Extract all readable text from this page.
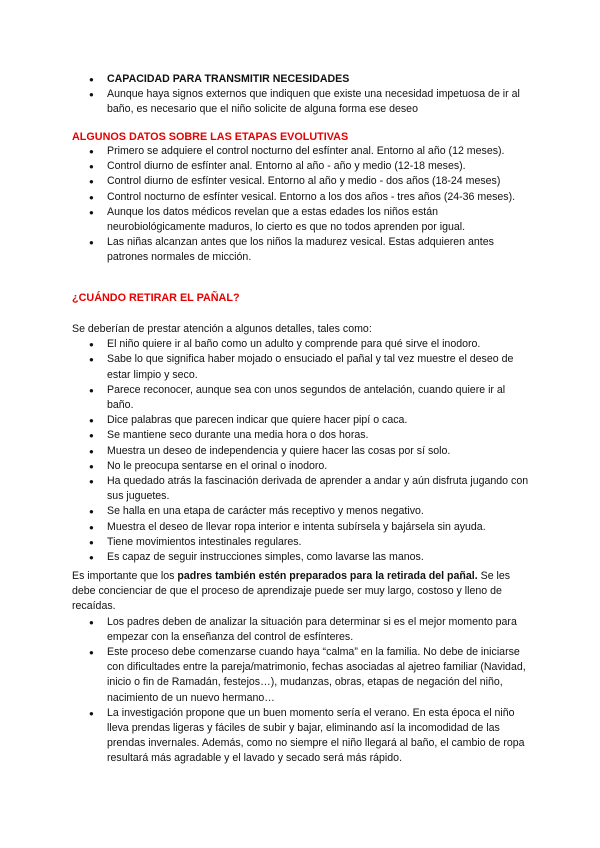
● CAPACIDAD PARA TRANSMITIR NECESIDADES
● Aunque haya signos externos que indiquen que existe una necesidad impetuosa de ir al baño, es necesario que el niño solicite de alguna forma ese deseo
ALGUNOS DATOS SOBRE LAS ETAPAS EVOLUTIVAS
● Primero se adquiere el control nocturno del esfínter anal. Entorno al año (12 meses).
● Control diurno de esfínter anal. Entorno al año - año y medio (12-18 meses).
● Control diurno de esfínter vesical. Entorno al año y medio - dos años (18-24 meses)
● Control nocturno de esfínter vesical. Entorno a los dos años - tres años (24-36 meses).
● Aunque los datos médicos revelan que a estas edades los niños están neurobiológicamente maduros, lo cierto es que no todos aprenden por igual.
● Las niñas alcanzan antes que los niños la madurez vesical. Estas adquieren antes patrones normales de micción.
¿CUÁNDO RETIRAR EL PAÑAL?

Se deberían de prestar atención a algunos detalles, tales como:

● El niño quiere ir al baño como un adulto y comprende para qué sirve el inodoro.
● Sabe lo que significa haber mojado o ensuciado el pañal y tal vez muestre el deseo de estar limpio y seco.
● Parece reconocer, aunque sea con unos segundos de antelación, cuando quiere ir al baño.
● Dice palabras que parecen indicar que quiere hacer pipí o caca.
● Se mantiene seco durante una media hora o dos horas.
● Muestra un deseo de independencia y quiere hacer las cosas por sí solo.
● No le preocupa sentarse en el orinal o inodoro.
● Ha quedado atrás la fascinación derivada de aprender a andar y aún disfruta jugando con sus juguetes.
● Se halla en una etapa de carácter más receptivo y menos negativo.
● Muestra el deseo de llevar ropa interior e intenta subírsela y bajársela sin ayuda.
● Tiene movimientos intestinales regulares.
● Es capaz de seguir instrucciones simples, como lavarse las manos.

Es importante que los padres también estén preparados para la retirada del pañal. Se les debe concienciar de que el proceso de aprendizaje puede ser muy largo, costoso y lleno de recaídas.

● Los padres deben de analizar la situación para determinar si es el mejor momento para empezar con la enseñanza del control de esfínteres.
● Este proceso debe comenzarse cuando haya “calma” en la familia. No debe de iniciarse con dificultades entre la pareja/matrimonio, fechas asociadas al ajetreo familiar (Navidad, inicio o fin de Ramadán, festejos…), mudanzas, obras, etapas de negación del niño, nacimiento de un nuevo hermano…
● La investigación propone que un buen momento sería el verano. En esta época el niño lleva prendas ligeras y fáciles de subir y bajar, eliminando así la incomodidad de las prendas invernales. Además, como no siempre el niño llegará al baño, el cambio de ropa resultará más agradable y el lavado y secado será más rápido.
